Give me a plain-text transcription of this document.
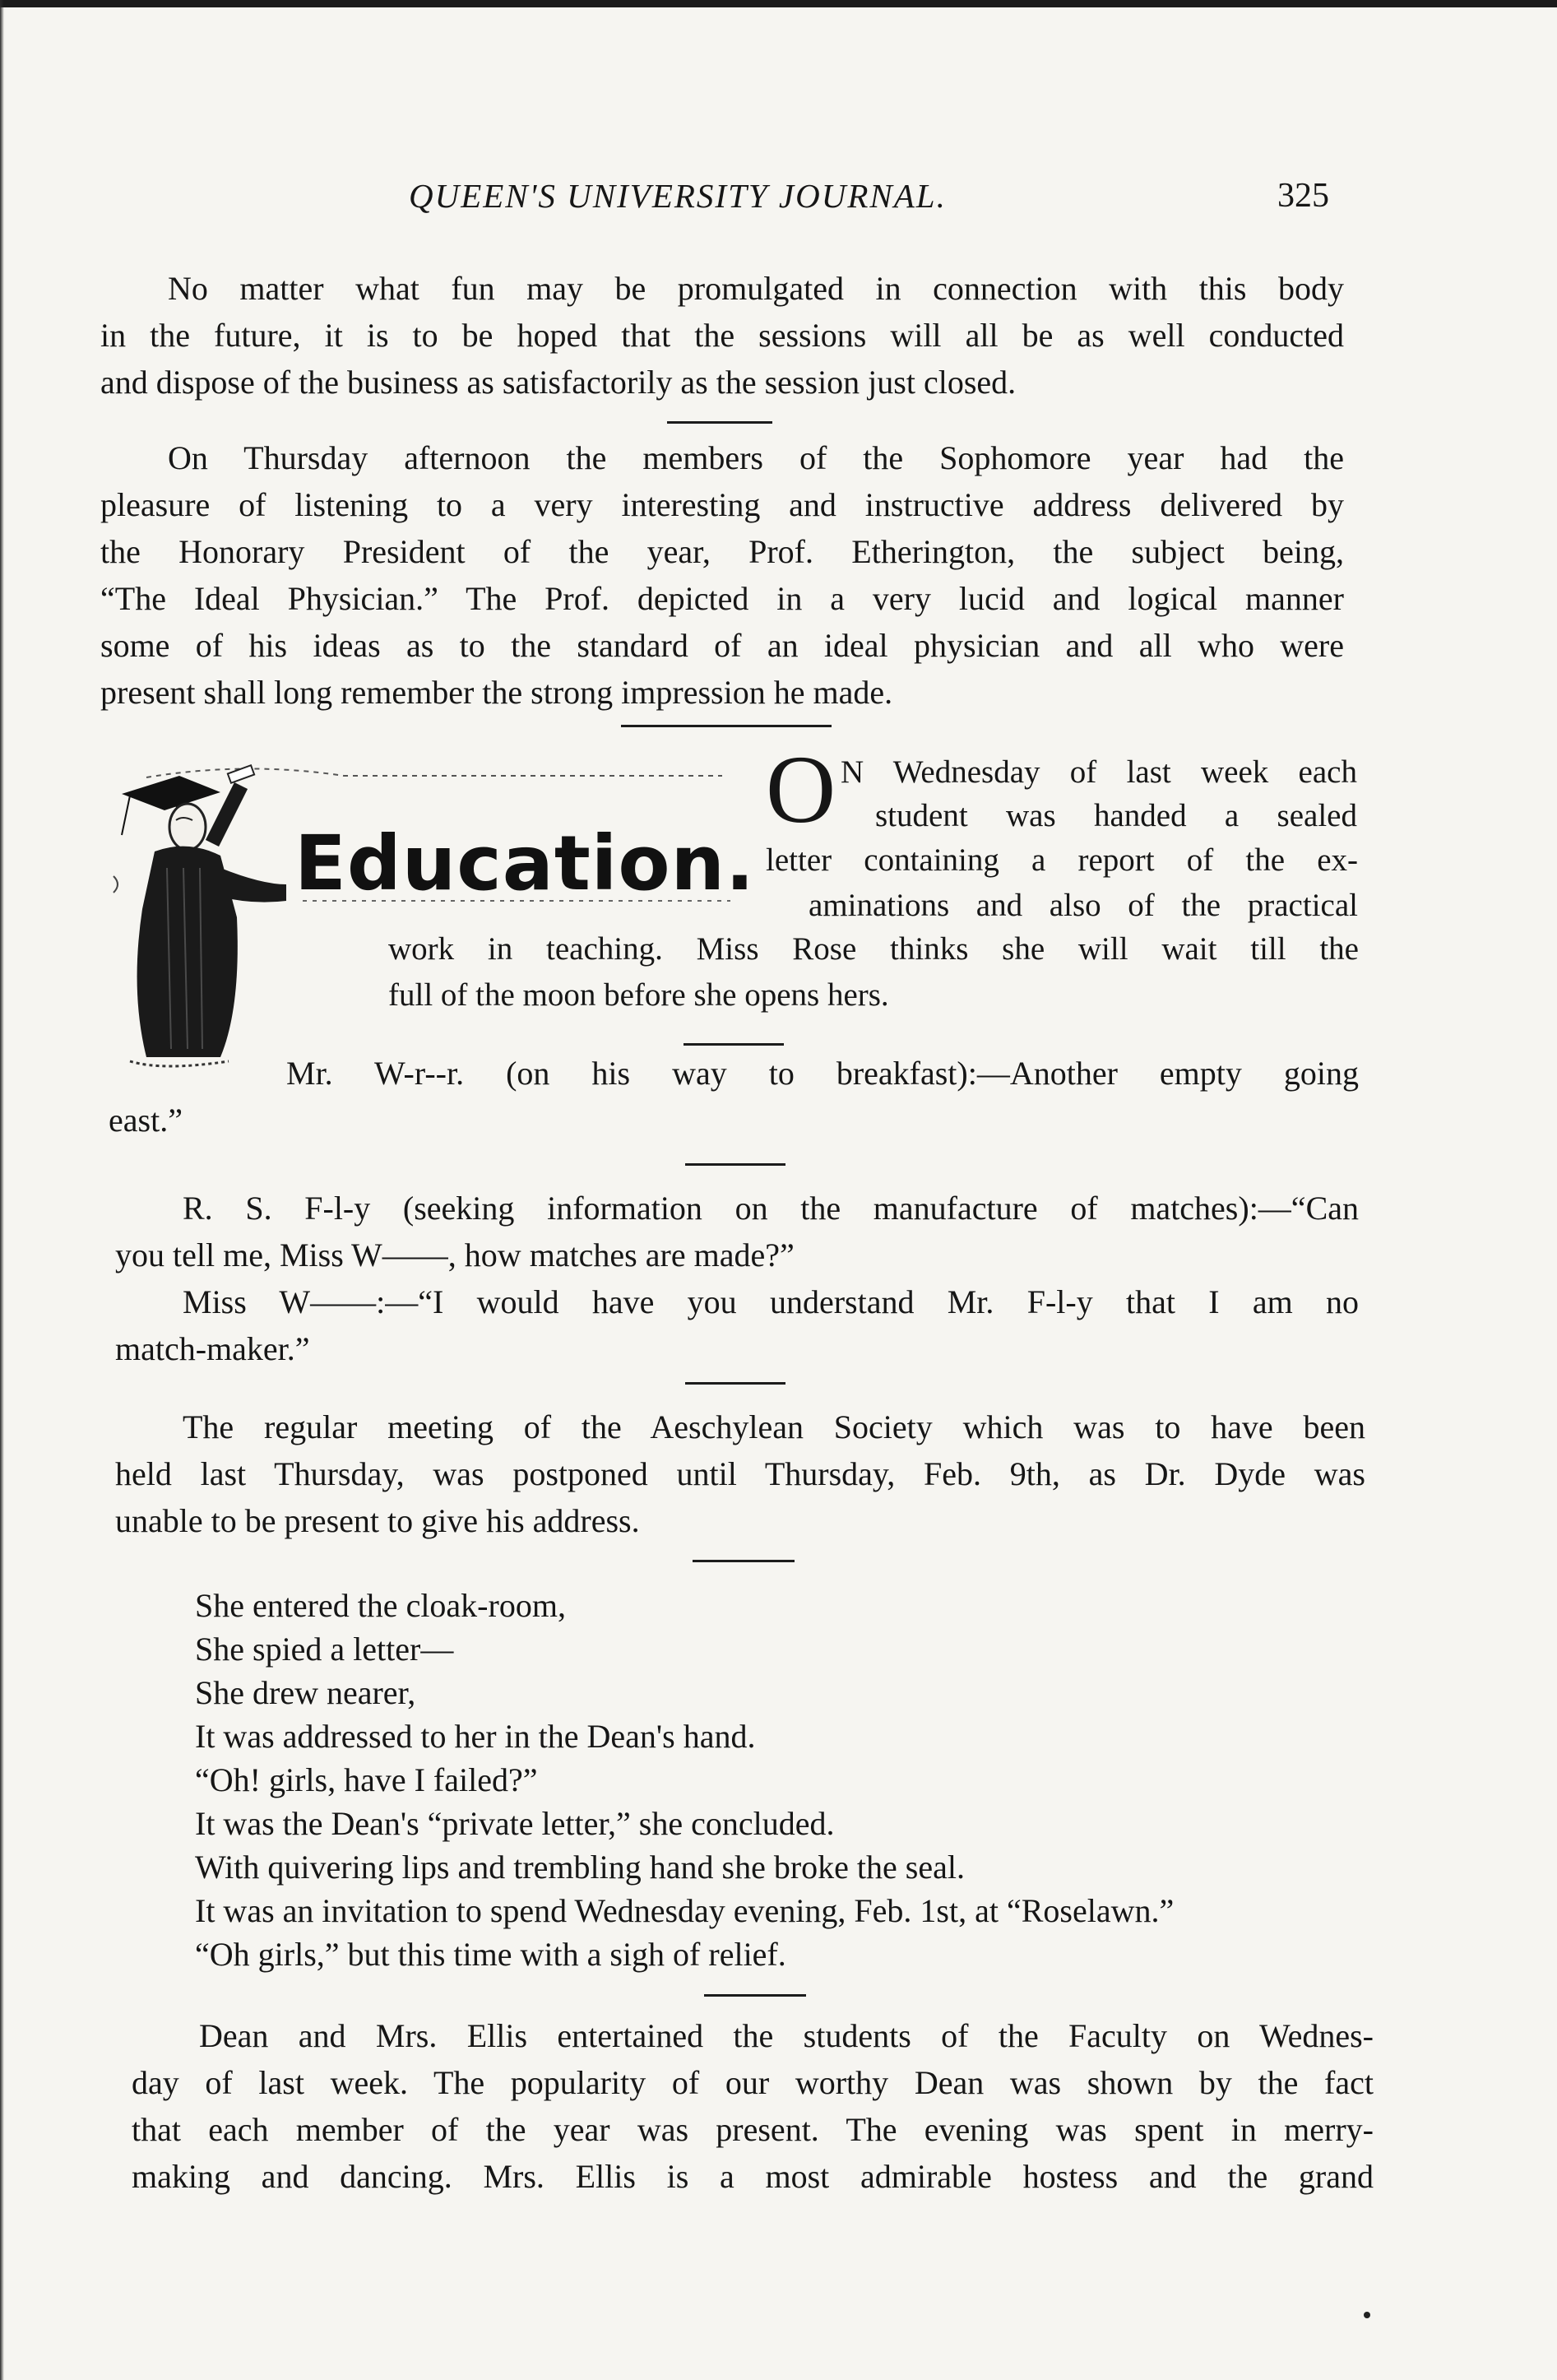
QUEEN'S UNIVERSITY JOURNAL.	325
No matter what fun may be promulgated in connection with this body
in the future, it is to be hoped that the sessions will all be as well conducted
and dispose of the business as satisfactorily as the session just closed.
On Thursday afternoon the members of the Sophomore year had the
pleasure of listening to a very interesting and instructive address delivered by
the Honorary President of the year, Prof. Etherington, the subject being,
“The Ideal Physician.” The Prof. depicted in a very lucid and logical manner
some of his ideas as to the standard of an ideal physician and all who were
present shall long remember the strong impression he made.
Education.
O N Wednesday of last week each
student was handed a sealed
letter containing a report of the ex-
aminations and also of the practical
work in teaching. Miss Rose thinks she will wait till the
full of the moon before she opens hers.
Mr. W-r--r. (on his way to breakfast):—Another empty going
east.”
R. S. F-l-y (seeking information on the manufacture of matches):—“Can
you tell me, Miss W——, how matches are made?”
Miss W——:—“I would have you understand Mr. F-l-y that I am no
match-maker.”
The regular meeting of the Aeschylean Society which was to have been
held last Thursday, was postponed until Thursday, Feb. 9th, as Dr. Dyde was
unable to be present to give his address.
She entered the cloak-room,
She spied a letter—
She drew nearer,
It was addressed to her in the Dean's hand.
“Oh! girls, have I failed?”
It was the Dean's “private letter,” she concluded.
With quivering lips and trembling hand she broke the seal.
It was an invitation to spend Wednesday evening, Feb. 1st, at “Roselawn.”
“Oh girls,” but this time with a sigh of relief.
Dean and Mrs. Ellis entertained the students of the Faculty on Wednes-
day of last week. The popularity of our worthy Dean was shown by the fact
that each member of the year was present. The evening was spent in merry-
making and dancing. Mrs. Ellis is a most admirable hostess and the grand
